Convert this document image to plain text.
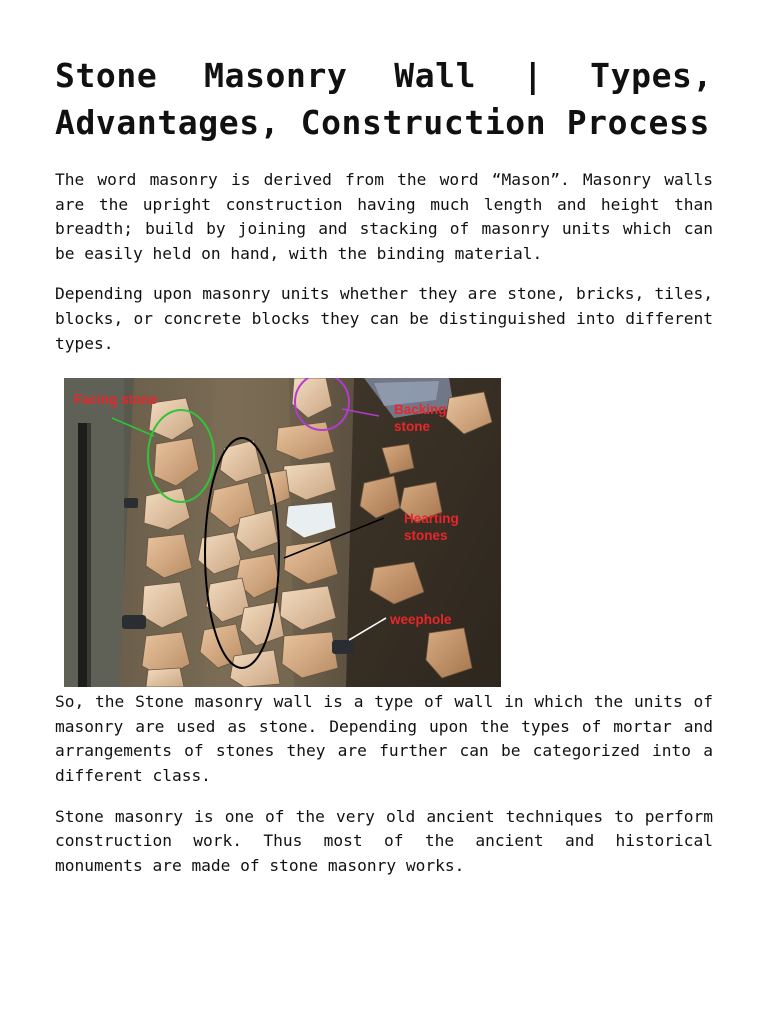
Stone Masonry Wall | Types, Advantages, Construction Process

The word masonry is derived from the word “Mason”. Masonry walls are the upright construction having much length and height than breadth; build by joining and stacking of masonry units which can be easily held on hand, with the binding material.

Depending upon masonry units whether they are stone, bricks, tiles, blocks, or concrete blocks they can be distinguished into different types.

Facing stone
Backing
stone
Hearting
stones
weephole

So, the Stone masonry wall is a type of wall in which the units of masonry are used as stone. Depending upon the types of mortar and arrangements of stones they are further can be categorized into a different class.

Stone masonry is one of the very old ancient techniques to perform construction work. Thus most of the ancient and historical monuments are made of stone masonry works.
